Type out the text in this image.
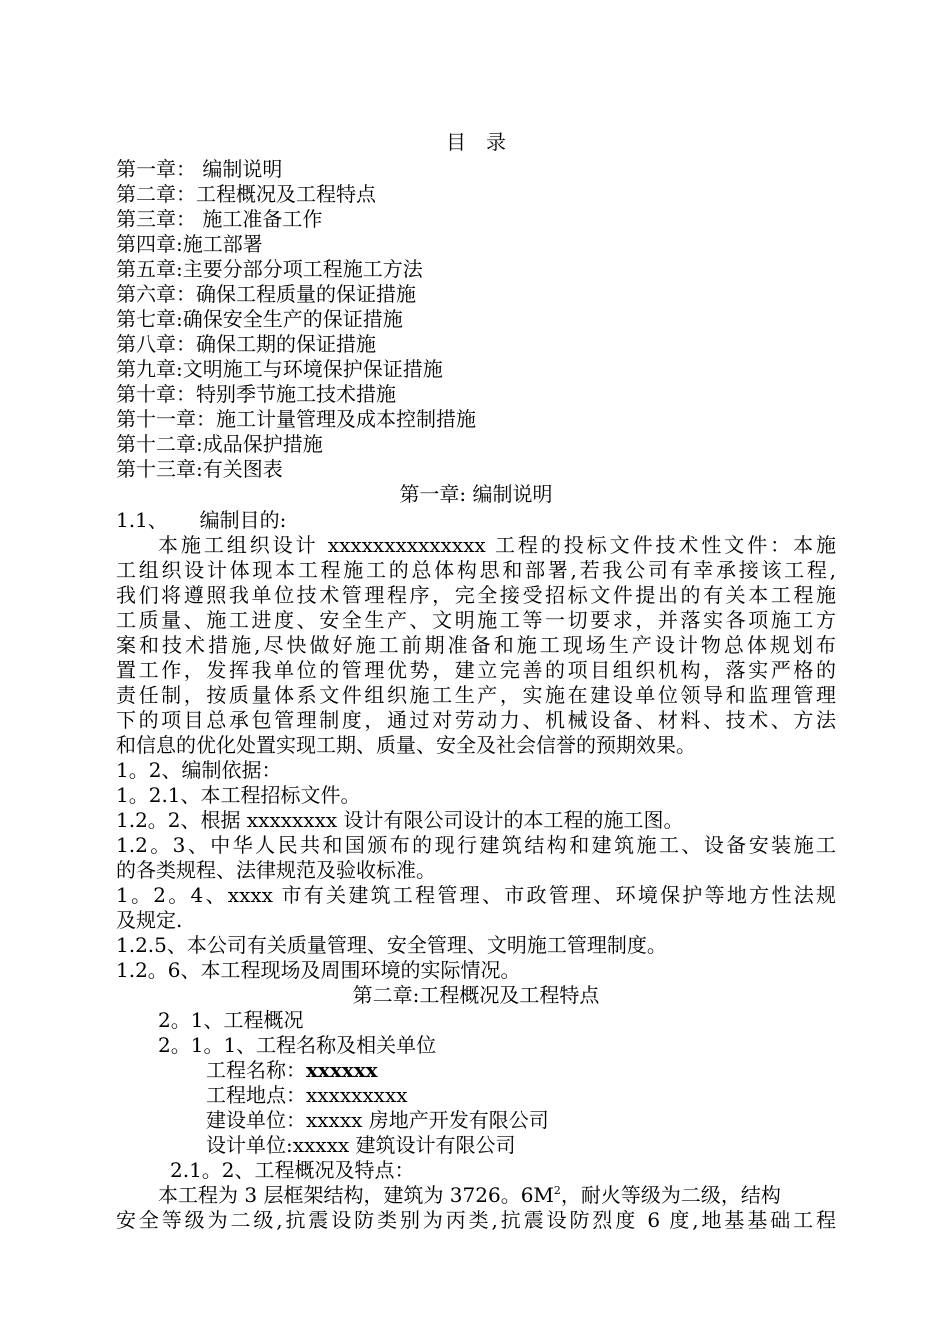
目　录
第一章： 编制说明
第二章：工程概况及工程特点
第三章： 施工准备工作
第四章:施工部署
第五章:主要分部分项工程施工方法
第六章：确保工程质量的保证措施
第七章:确保安全生产的保证措施
第八章：确保工期的保证措施
第九章:文明施工与环境保护保证措施
第十章：特别季节施工技术措施
第十一章：施工计量管理及成本控制措施
第十二章:成品保护措施
第十三章:有关图表
第一章: 编制说明
1.1、     编制目的:
本施工组织设计 xxxxxxxxxxxxxx 工程的投标文件技术性文件：本施
工组织设计体现本工程施工的总体构思和部署,若我公司有幸承接该工程,
我们将遵照我单位技术管理程序，完全接受招标文件提出的有关本工程施
工质量、施工进度、安全生产、文明施工等一切要求，并落实各项施工方
案和技术措施,尽快做好施工前期准备和施工现场生产设计物总体规划布
置工作，发挥我单位的管理优势，建立完善的项目组织机构，落实严格的
责任制，按质量体系文件组织施工生产，实施在建设单位领导和监理管理
下的项目总承包管理制度，通过对劳动力、机械设备、材料、技术、方法
和信息的优化处置实现工期、质量、安全及社会信誉的预期效果。
1。2、编制依据：
1。2.1、本工程招标文件。
1.2。2、根据 xxxxxxxx 设计有限公司设计的本工程的施工图。
1.2。3、中华人民共和国颁布的现行建筑结构和建筑施工、设备安装施工
的各类规程、法律规范及验收标准。
1。2。4、xxxx 市有关建筑工程管理、市政管理、环境保护等地方性法规
及规定.
1.2.5、本公司有关质量管理、安全管理、文明施工管理制度。
1.2。6、本工程现场及周围环境的实际情况。
第二章:工程概况及工程特点
2。1、工程概况
2。1。1、工程名称及相关单位
工程名称：xxxxxx
工程地点：xxxxxxxxx
建设单位：xxxxx 房地产开发有限公司
设计单位:xxxxx 建筑设计有限公司
2.1。2、工程概况及特点：
本工程为 3 层框架结构，建筑为 3726。$6M^2$，耐火等级为二级，结构
安全等级为二级,抗震设防类别为丙类,抗震设防烈度 6 度,地基基础工程
